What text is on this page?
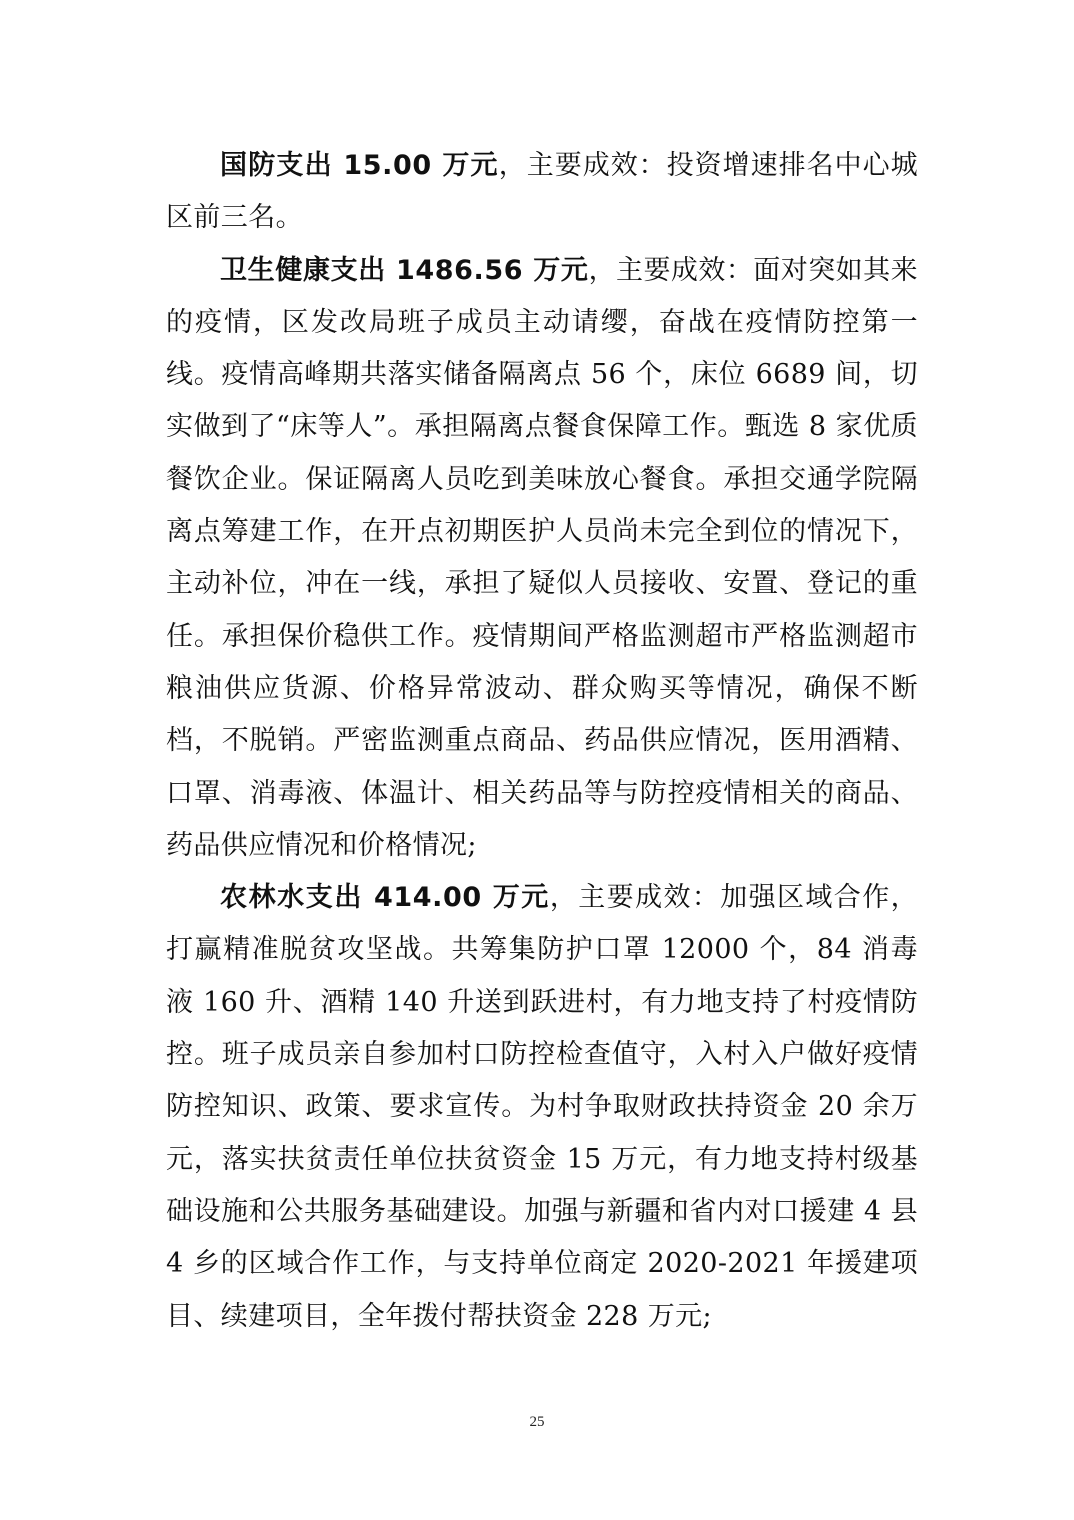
国防支出 15.00 万元，主要成效：投资增速排名中心城区前三名。

卫生健康支出 1486.56 万元，主要成效：面对突如其来的疫情，区发改局班子成员主动请缨，奋战在疫情防控第一线。疫情高峰期共落实储备隔离点 56 个，床位 6689 间，切实做到了“床等人”。承担隔离点餐食保障工作。甄选 8 家优质餐饮企业。保证隔离人员吃到美味放心餐食。承担交通学院隔离点筹建工作，在开点初期医护人员尚未完全到位的情况下，主动补位，冲在一线，承担了疑似人员接收、安置、登记的重任。承担保价稳供工作。疫情期间严格监测超市严格监测超市粮油供应货源、价格异常波动、群众购买等情况，确保不断档，不脱销。严密监测重点商品、药品供应情况，医用酒精、 口罩、消毒液、体温计、相关药品等与防控疫情相关的商品、药品供应情况和价格情况;

农林水支出 414.00 万元，主要成效：加强区域合作，打赢精准脱贫攻坚战。共筹集防护口罩 12000 个，84 消毒液 160 升、酒精 140 升送到跃进村，有力地支持了村疫情防控。班子成员亲自参加村口防控检查值守，入村入户做好疫情防控知识、政策、要求宣传。为村争取财政扶持资金 20 余万元，落实扶贫责任单位扶贫资金 15 万元，有力地支持村级基础设施和公共服务基础建设。加强与新疆和省内对口援建 4 县 4 乡的区域合作工作，与支持单位商定 2020-2021 年援建项目、续建项目，全年拨付帮扶资金 228 万元;

25
